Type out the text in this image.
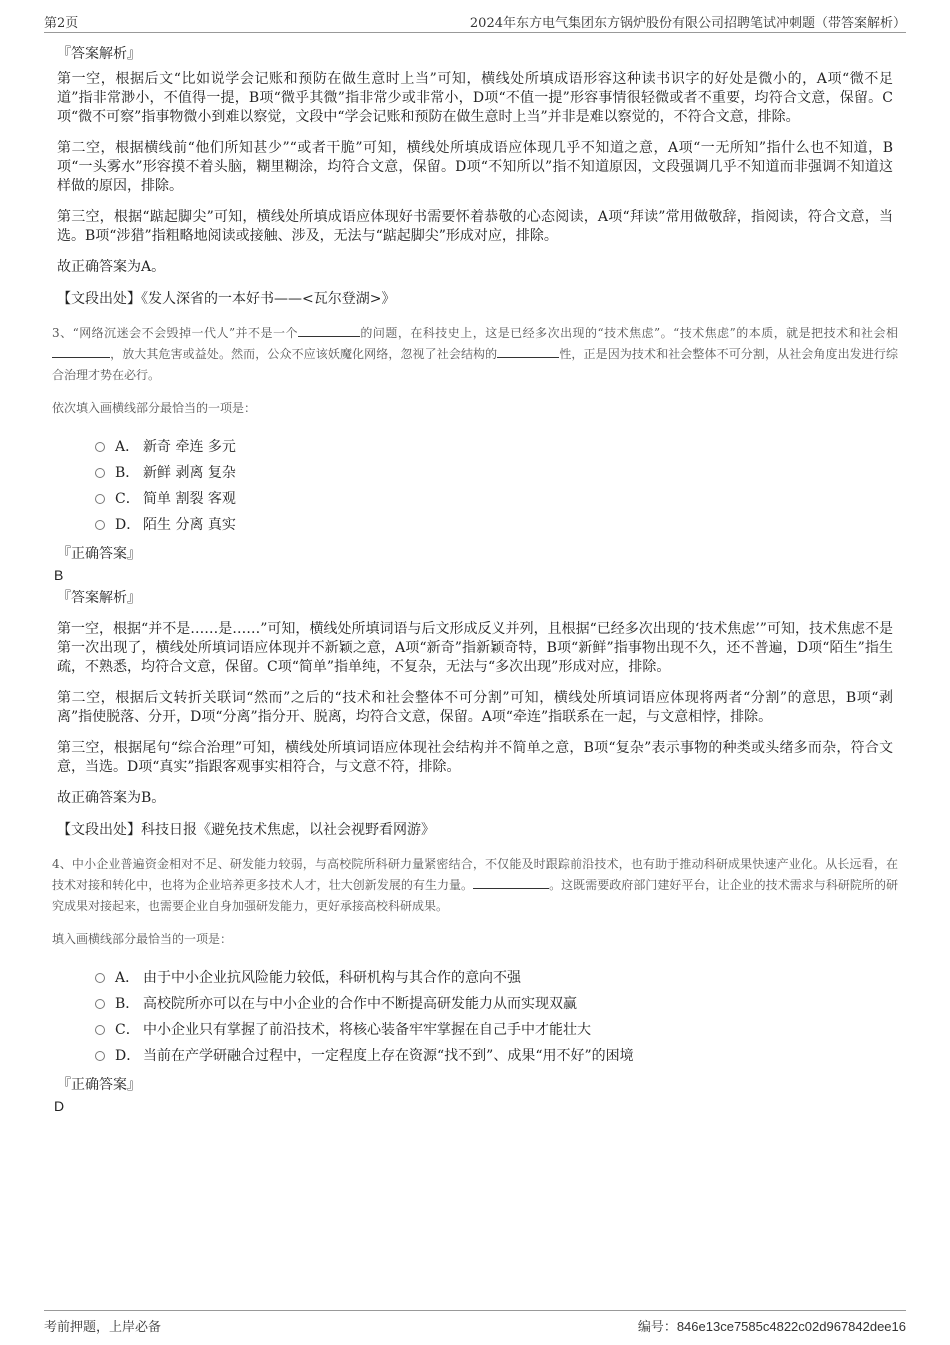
第2页	2024年东方电气集团东方锅炉股份有限公司招聘笔试冲刺题（带答案解析）
『答案解析』

第一空，根据后文“比如说学会记账和预防在做生意时上当”可知，横线处所填成语形容这种读书识字的好处是微小的，A项“微不足道”指非常渺小，不值得一提，B项“微乎其微”指非常少或非常小，D项“不值一提”形容事情很轻微或者不重要，均符合文意，保留。C项“微不可察”指事物微小到难以察觉，文段中“学会记账和预防在做生意时上当”并非是难以察觉的，不符合文意，排除。

第二空，根据横线前“他们所知甚少”“或者干脆”可知，横线处所填成语应体现几乎不知道之意，A项“一无所知”指什么也不知道，B项“一头雾水”形容摸不着头脑，糊里糊涂，均符合文意，保留。D项“不知所以”指不知道原因，文段强调几乎不知道而非强调不知道这样做的原因，排除。

第三空，根据“踮起脚尖”可知，横线处所填成语应体现好书需要怀着恭敬的心态阅读，A项“拜读”常用做敬辞，指阅读，符合文意，当选。B项“涉猎”指粗略地阅读或接触、涉及，无法与“踮起脚尖”形成对应，排除。

故正确答案为A。

【文段出处】《发人深省的一本好书——<瓦尔登湖>》

3、“网络沉迷会不会毁掉一代人”并不是一个	的问题，在科技史上，这是已经多次出现的“技术焦虑”。“技术焦虑”的本质，就是把技术和社会相，放大其危害或益处。然而，公众不应该妖魔化网络，忽视了社会结构的	性，正是因为技术和社会整体不可分割，从社会角度出发进行综合治理才势在必行。
依次填入画横线部分最恰当的一项是：
A． 新奇 牵连 多元
B． 新鲜 剥离 复杂
C． 简单 割裂 客观
D． 陌生 分离 真实
『正确答案』
B
『答案解析』

第一空，根据“并不是……是……”可知，横线处所填词语与后文形成反义并列，且根据“已经多次出现的‘技术焦虑’”可知，技术焦虑不是第一次出现了，横线处所填词语应体现并不新颖之意，A项“新奇”指新颖奇特，B项“新鲜”指事物出现不久，还不普遍，D项“陌生”指生疏，不熟悉，均符合文意，保留。C项“简单”指单纯，不复杂，无法与“多次出现”形成对应，排除。

第二空，根据后文转折关联词“然而”之后的“技术和社会整体不可分割”可知，横线处所填词语应体现将两者“分割”的意思，B项“剥离”指使脱落、分开，D项“分离”指分开、脱离，均符合文意，保留。A项“牵连”指联系在一起，与文意相悖，排除。

第三空，根据尾句“综合治理”可知，横线处所填词语应体现社会结构并不简单之意，B项“复杂”表示事物的种类或头绪多而杂，符合文意，当选。D项“真实”指跟客观事实相符合，与文意不符，排除。

故正确答案为B。

【文段出处】科技日报《避免技术焦虑，以社会视野看网游》

4、中小企业普遍资金相对不足、研发能力较弱，与高校院所科研力量紧密结合，不仅能及时跟踪前沿技术，也有助于推动科研成果快速产业化。从长远看，在技术对接和转化中，也将为企业培养更多技术人才，壮大创新发展的有生力量。	。这既需要政府部门建好平台，让企业的技术需求与科研院所的研究成果对接起来，也需要企业自身加强研发能力，更好承接高校科研成果。
填入画横线部分最恰当的一项是：
A． 由于中小企业抗风险能力较低，科研机构与其合作的意向不强
B． 高校院所亦可以在与中小企业的合作中不断提高研发能力从而实现双赢
C． 中小企业只有掌握了前沿技术，将核心装备牢牢掌握在自己手中才能壮大
D． 当前在产学研融合过程中，一定程度上存在资源“找不到”、成果“用不好”的困境
『正确答案』
D
考前押题，上岸必备	编号：846e13ce7585c4822c02d967842dee16
